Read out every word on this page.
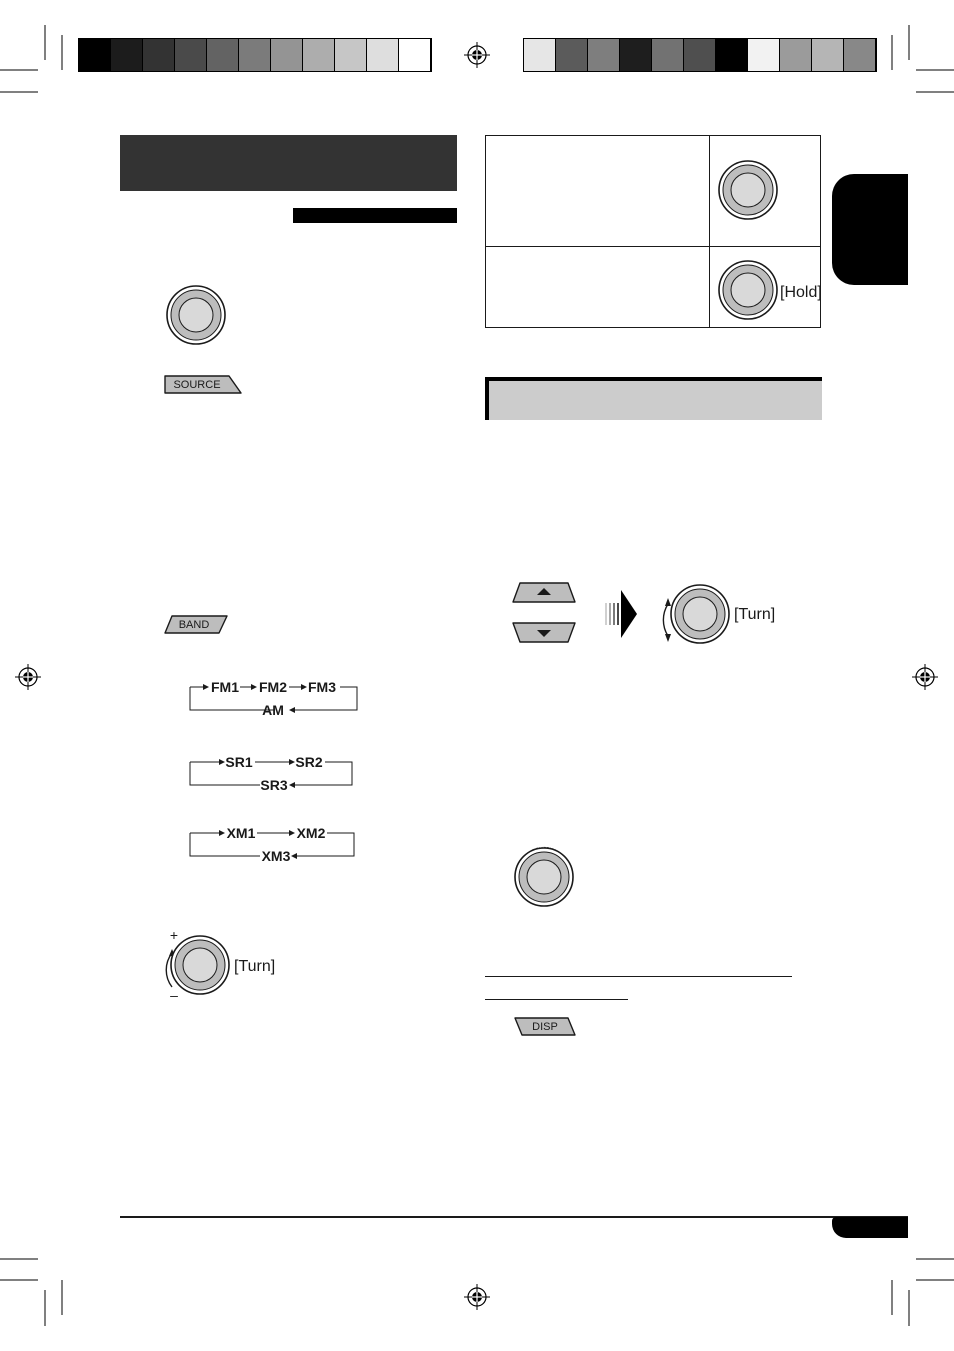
SOURCE
BAND
FM1 FM2 FM3
AM
SR1	SR2
SR3
XM1	XM2
XM3
+
–
[Turn]
[Hold]
[Turn]
DISP
